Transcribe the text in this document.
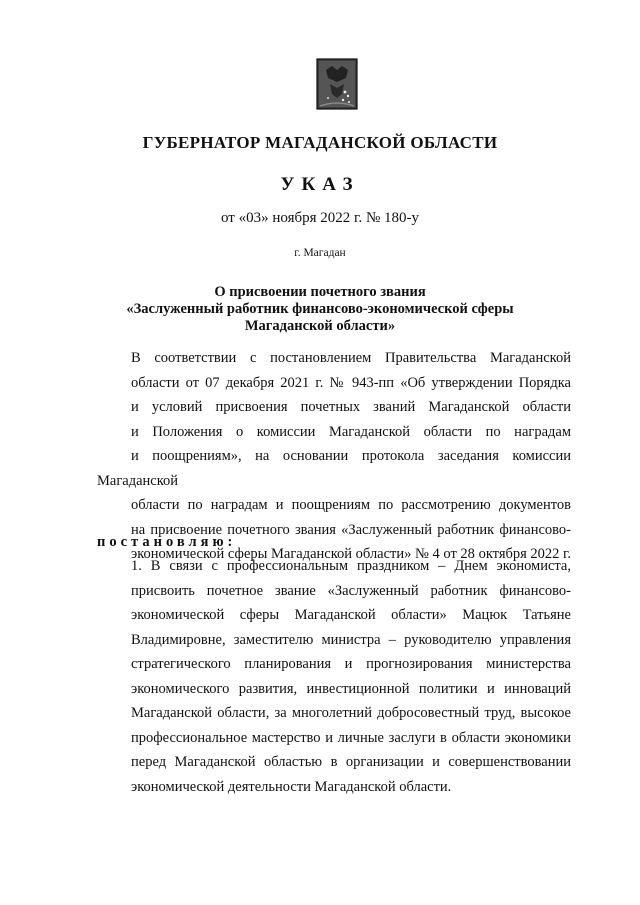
ГУБЕРНАТОР МАГАДАНСКОЙ ОБЛАСТИ
УКАЗ
от «03» ноября 2022 г. № 180-у
г. Магадан
О присвоении почетного звания
«Заслуженный работник финансово-экономической сферы
Магаданской области»
В соответствии с постановлением Правительства Магаданской
области от 07 декабря 2021 г. № 943-пп «Об утверждении Порядка
и условий присвоения почетных званий Магаданской области
и Положения о комиссии Магаданской области по наградам
и поощрениям», на основании протокола заседания комиссии Магаданской
области по наградам и поощрениям по рассмотрению документов
на присвоение почетного звания «Заслуженный работник финансово-
экономической сферы Магаданской области» № 4 от 28 октября 2022 г.
постановляю:
1. В связи с профессиональным праздником – Днем экономиста,
присвоить почетное звание «Заслуженный работник финансово-
экономической сферы Магаданской области» Мацюк Татьяне
Владимировне, заместителю министра – руководителю управления
стратегического планирования и прогнозирования министерства
экономического развития, инвестиционной политики и инноваций
Магаданской области, за многолетний добросовестный труд, высокое
профессиональное мастерство и личные заслуги в области экономики
перед Магаданской областью в организации и совершенствовании
экономической деятельности Магаданской области.
